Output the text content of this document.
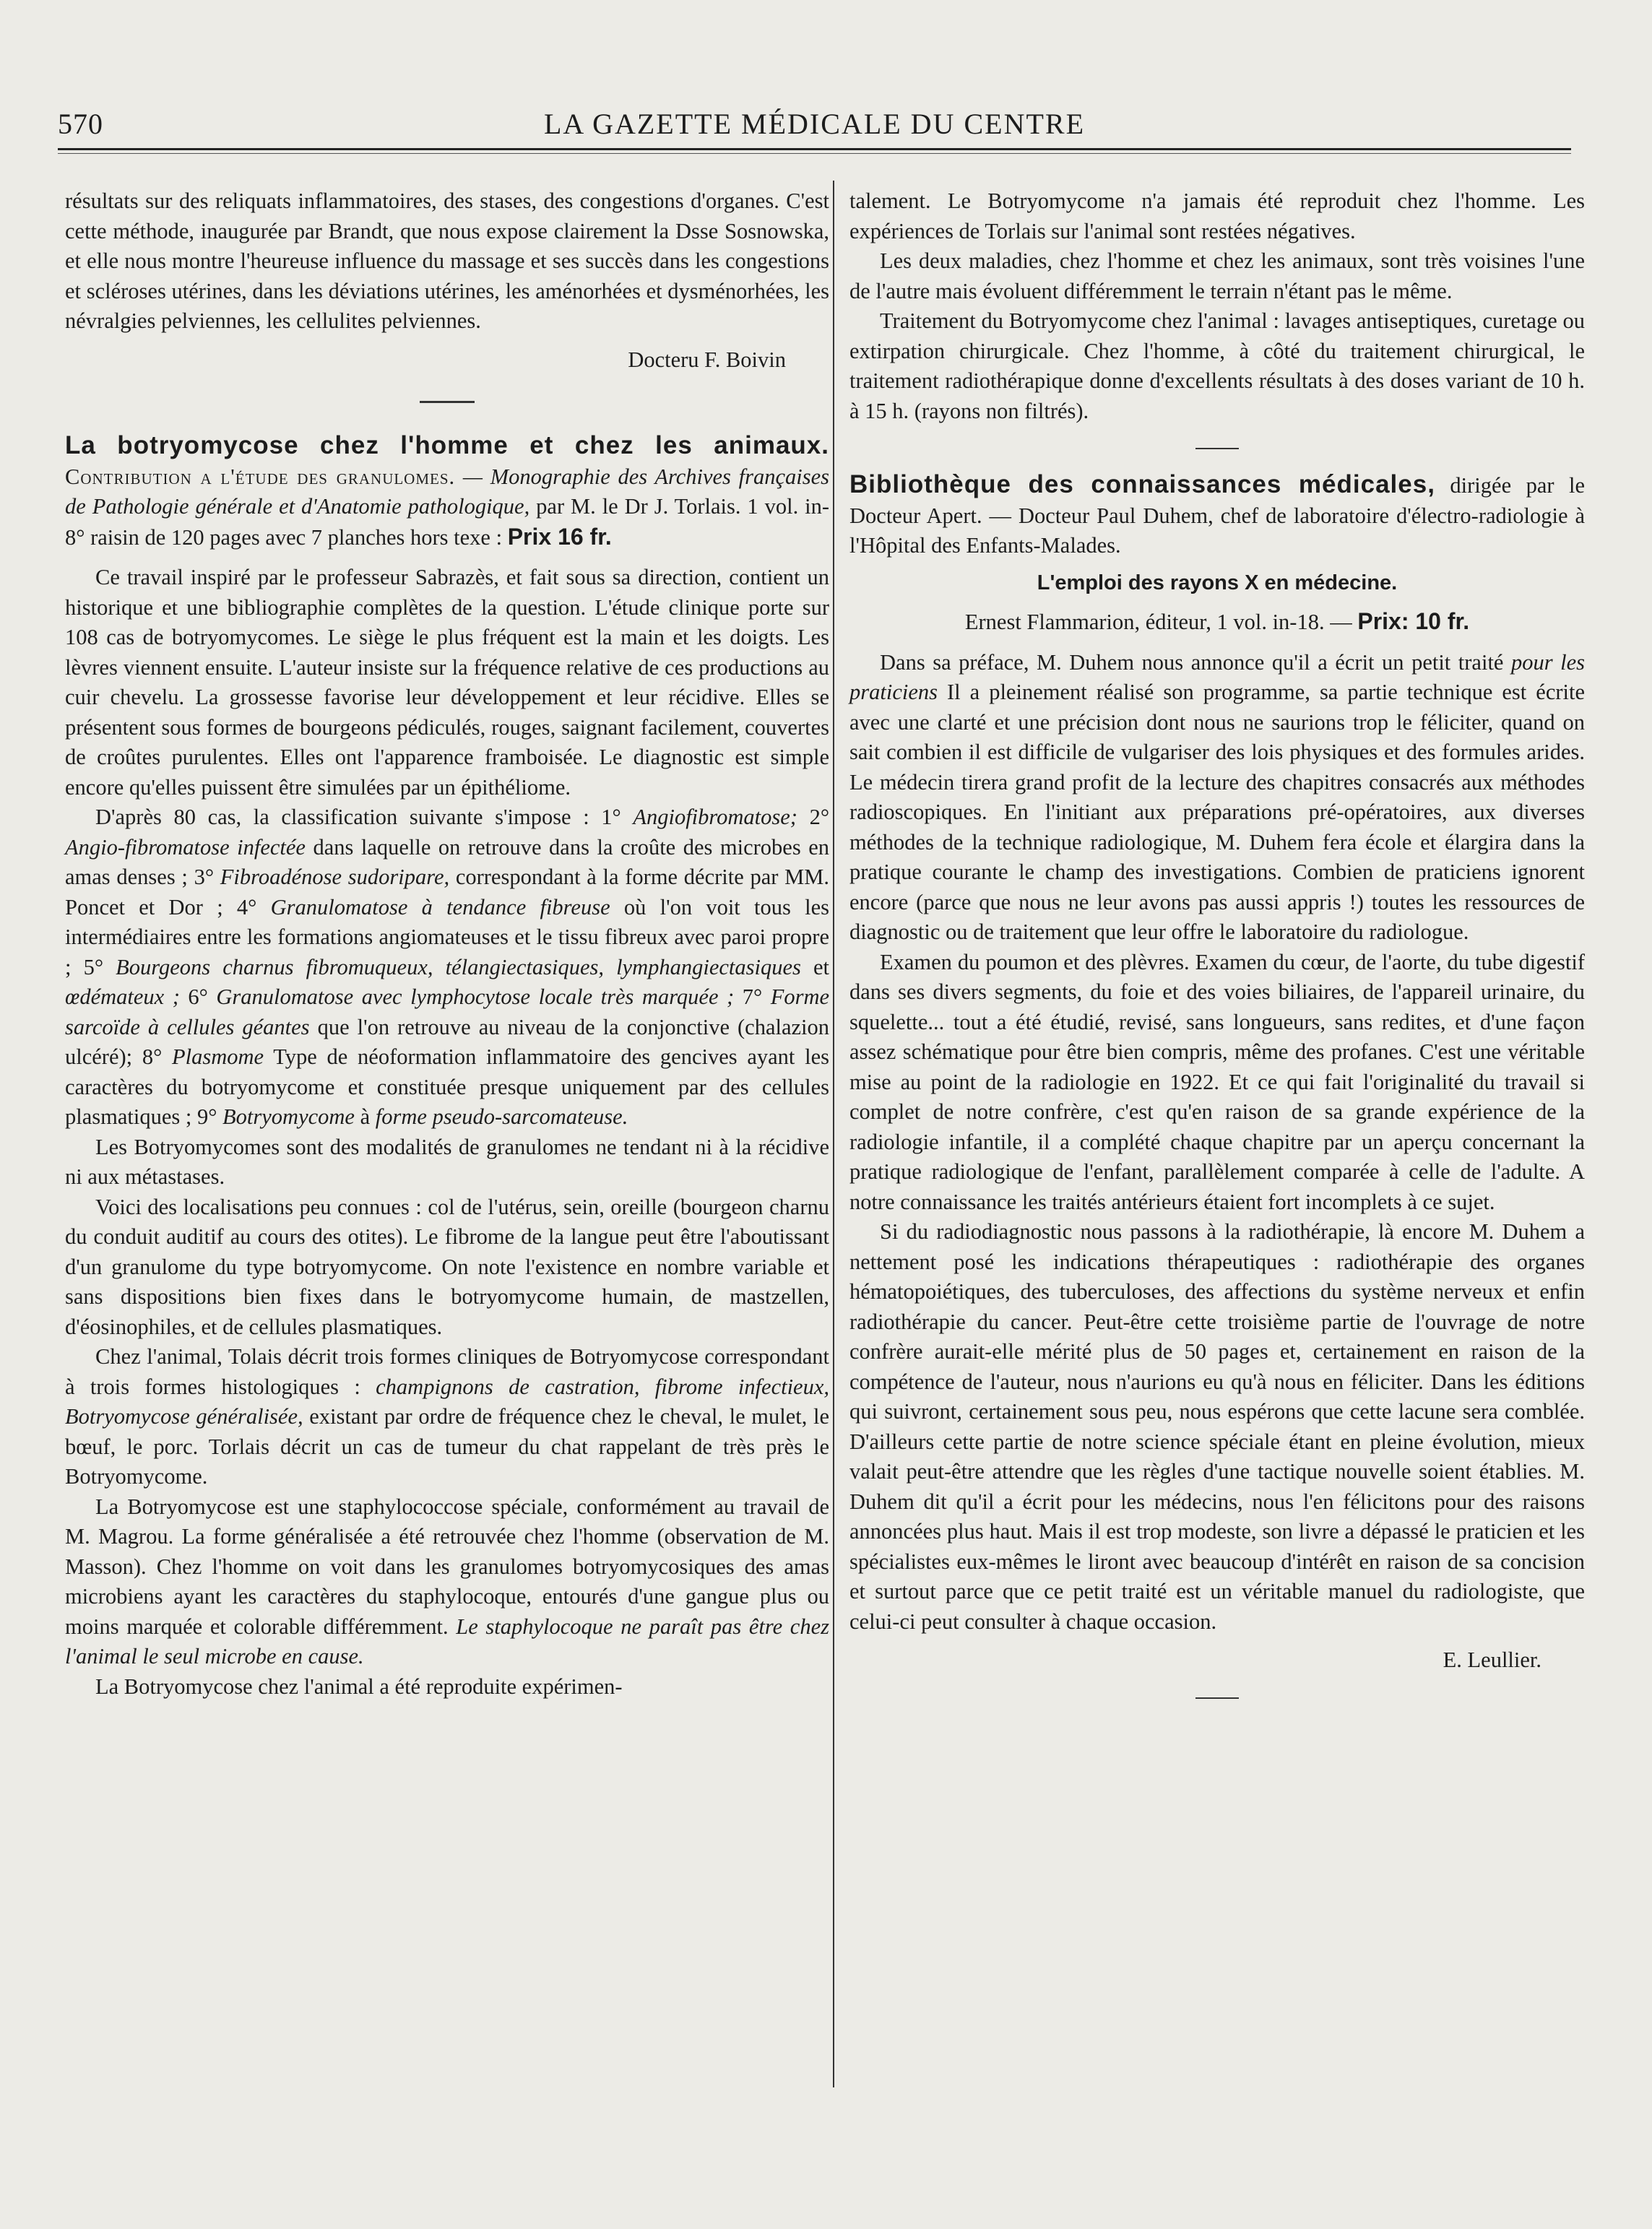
570	LA GAZETTE MÉDICALE DU CENTRE

résultats sur des reliquats inflammatoires, des stases, des congestions d'organes. C'est cette méthode, inaugurée par Brandt, que nous expose clairement la Dsse Sosnowska, et elle nous montre l'heureuse influence du massage et ses succès dans les congestions et scléroses utérines, dans les déviations utérines, les aménorhées et dysménorhées, les névralgies pelviennes, les cellulites pelviennes.

Docteru F. Boivin

La botryomycose chez l'homme et chez les animaux. Contribution a l'étude des granulomes. — Monographie des Archives françaises de Pathologie générale et d'Anatomie pathologique, par M. le Dr J. Torlais. 1 vol. in-8° raisin de 120 pages avec 7 planches hors texe : Prix 16 fr.

Ce travail inspiré par le professeur Sabrazès, et fait sous sa direction, contient un historique et une bibliographie complètes de la question. L'étude clinique porte sur 108 cas de botryomycomes. Le siège le plus fréquent est la main et les doigts. Les lèvres viennent ensuite. L'auteur insiste sur la fréquence relative de ces productions au cuir chevelu. La grossesse favorise leur développement et leur récidive. Elles se présentent sous formes de bourgeons pédiculés, rouges, saignant facilement, couvertes de croûtes purulentes. Elles ont l'apparence framboisée. Le diagnostic est simple encore qu'elles puissent être simulées par un épithéliome.

D'après 80 cas, la classification suivante s'impose : 1° Angiofibromatose; 2° Angio-fibromatose infectée dans laquelle on retrouve dans la croûte des microbes en amas denses ; 3° Fibroadénose sudoripare, correspondant à la forme décrite par MM. Poncet et Dor ; 4° Granulomatose à tendance fibreuse où l'on voit tous les intermédiaires entre les formations angiomateuses et le tissu fibreux avec paroi propre ; 5° Bourgeons charnus fibromuqueux, télangiectasiques, lymphangiectasiques et œdémateux ; 6° Granulomatose avec lymphocytose locale très marquée ; 7° Forme sarcoïde à cellules géantes que l'on retrouve au niveau de la conjonctive (chalazion ulcéré); 8° Plasmome Type de néoformation inflammatoire des gencives ayant les caractères du botryomycome et constituée presque uniquement par des cellules plasmatiques ; 9° Botryomycome à forme pseudo-sarcomateuse.

Les Botryomycomes sont des modalités de granulomes ne tendant ni à la récidive ni aux métastases.

Voici des localisations peu connues : col de l'utérus, sein, oreille (bourgeon charnu du conduit auditif au cours des otites). Le fibrome de la langue peut être l'aboutissant d'un granulome du type botryomycome. On note l'existence en nombre variable et sans dispositions bien fixes dans le botryomycome humain, de mastzellen, d'éosinophiles, et de cellules plasmatiques.

Chez l'animal, Tolais décrit trois formes cliniques de Botryomycose correspondant à trois formes histologiques : champignons de castration, fibrome infectieux, Botryomycose généralisée, existant par ordre de fréquence chez le cheval, le mulet, le bœuf, le porc. Torlais décrit un cas de tumeur du chat rappelant de très près le Botryomycome.

La Botryomycose est une staphylococcose spéciale, conformément au travail de M. Magrou. La forme généralisée a été retrouvée chez l'homme (observation de M. Masson). Chez l'homme on voit dans les granulomes botryomycosiques des amas microbiens ayant les caractères du staphylocoque, entourés d'une gangue plus ou moins marquée et colorable différemment. Le staphylocoque ne paraît pas être chez l'animal le seul microbe en cause.

La Botryomycose chez l'animal a été reproduite expérimen-

talement. Le Botryomycome n'a jamais été reproduit chez l'homme. Les expériences de Torlais sur l'animal sont restées négatives.

Les deux maladies, chez l'homme et chez les animaux, sont très voisines l'une de l'autre mais évoluent différemment le terrain n'étant pas le même.

Traitement du Botryomycome chez l'animal : lavages antiseptiques, curetage ou extirpation chirurgicale. Chez l'homme, à côté du traitement chirurgical, le traitement radiothérapique donne d'excellents résultats à des doses variant de 10 h. à 15 h. (rayons non filtrés).

Bibliothèque des connaissances médicales, dirigée par le Docteur Apert. — Docteur Paul Duhem, chef de laboratoire d'électro-radiologie à l'Hôpital des Enfants-Malades.

L'emploi des rayons X en médecine.

Ernest Flammarion, éditeur, 1 vol. in-18. — Prix: 10 fr.

Dans sa préface, M. Duhem nous annonce qu'il a écrit un petit traité pour les praticiens Il a pleinement réalisé son programme, sa partie technique est écrite avec une clarté et une précision dont nous ne saurions trop le féliciter, quand on sait combien il est difficile de vulgariser des lois physiques et des formules arides. Le médecin tirera grand profit de la lecture des chapitres consacrés aux méthodes radioscopiques. En l'initiant aux préparations pré-opératoires, aux diverses méthodes de la technique radiologique, M. Duhem fera école et élargira dans la pratique courante le champ des investigations. Combien de praticiens ignorent encore (parce que nous ne leur avons pas aussi appris !) toutes les ressources de diagnostic ou de traitement que leur offre le laboratoire du radiologue.

Examen du poumon et des plèvres. Examen du cœur, de l'aorte, du tube digestif dans ses divers segments, du foie et des voies biliaires, de l'appareil urinaire, du squelette... tout a été étudié, revisé, sans longueurs, sans redites, et d'une façon assez schématique pour être bien compris, même des profanes. C'est une véritable mise au point de la radiologie en 1922. Et ce qui fait l'originalité du travail si complet de notre confrère, c'est qu'en raison de sa grande expérience de la radiologie infantile, il a complété chaque chapitre par un aperçu concernant la pratique radiologique de l'enfant, parallèlement comparée à celle de l'adulte. A notre connaissance les traités antérieurs étaient fort incomplets à ce sujet.

Si du radiodiagnostic nous passons à la radiothérapie, là encore M. Duhem a nettement posé les indications thérapeutiques : radiothérapie des organes hématopoiétiques, des tuberculoses, des affections du système nerveux et enfin radiothérapie du cancer. Peut-être cette troisième partie de l'ouvrage de notre confrère aurait-elle mérité plus de 50 pages et, certainement en raison de la compétence de l'auteur, nous n'aurions eu qu'à nous en féliciter. Dans les éditions qui suivront, certainement sous peu, nous espérons que cette lacune sera comblée. D'ailleurs cette partie de notre science spéciale étant en pleine évolution, mieux valait peut-être attendre que les règles d'une tactique nouvelle soient établies. M. Duhem dit qu'il a écrit pour les médecins, nous l'en félicitons pour des raisons annoncées plus haut. Mais il est trop modeste, son livre a dépassé le praticien et les spécialistes eux-mêmes le liront avec beaucoup d'intérêt en raison de sa concision et surtout parce que ce petit traité est un véritable manuel du radiologiste, que celui-ci peut consulter à chaque occasion.

E. Leullier.
